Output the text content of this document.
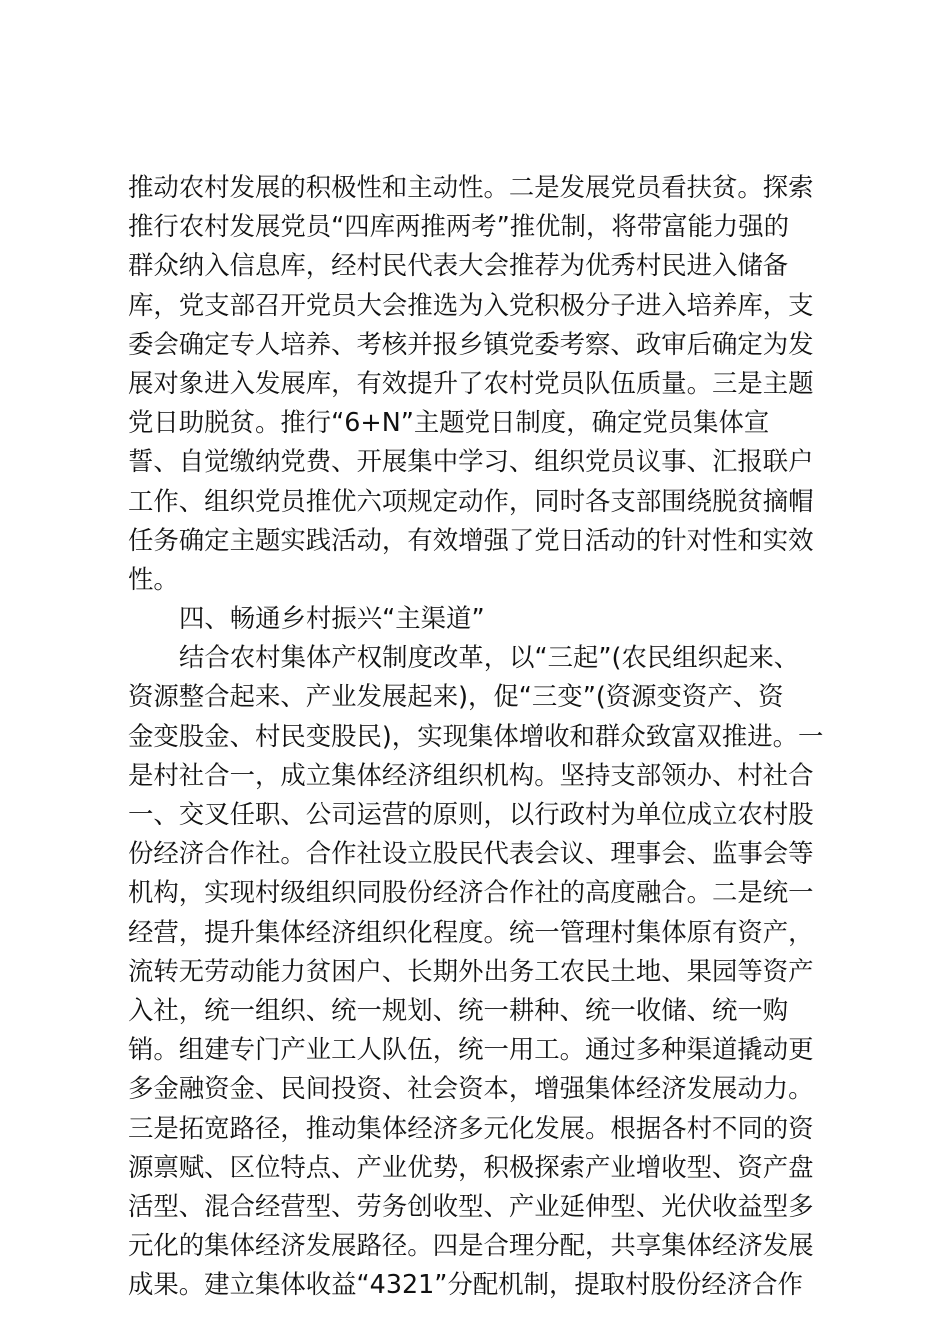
推动农村发展的积极性和主动性。二是发展党员看扶贫。探索
推行农村发展党员“四库两推两考”推优制，将带富能力强的
群众纳入信息库，经村民代表大会推荐为优秀村民进入储备
库，党支部召开党员大会推选为入党积极分子进入培养库，支
委会确定专人培养、考核并报乡镇党委考察、政审后确定为发
展对象进入发展库，有效提升了农村党员队伍质量。三是主题
党日助脱贫。推行“6+N”主题党日制度，确定党员集体宣
誓、自觉缴纳党费、开展集中学习、组织党员议事、汇报联户
工作、组织党员推优六项规定动作，同时各支部围绕脱贫摘帽
任务确定主题实践活动，有效增强了党日活动的针对性和实效
性。
四、畅通乡村振兴“主渠道”
结合农村集体产权制度改革，以“三起”(农民组织起来、
资源整合起来、产业发展起来)，促“三变”(资源变资产、资
金变股金、村民变股民)，实现集体增收和群众致富双推进。一
是村社合一，成立集体经济组织机构。坚持支部领办、村社合
一、交叉任职、公司运营的原则，以行政村为单位成立农村股
份经济合作社。合作社设立股民代表会议、理事会、监事会等
机构，实现村级组织同股份经济合作社的高度融合。二是统一
经营，提升集体经济组织化程度。统一管理村集体原有资产，
流转无劳动能力贫困户、长期外出务工农民土地、果园等资产
入社，统一组织、统一规划、统一耕种、统一收储、统一购
销。组建专门产业工人队伍，统一用工。通过多种渠道撬动更
多金融资金、民间投资、社会资本，增强集体经济发展动力。
三是拓宽路径，推动集体经济多元化发展。根据各村不同的资
源禀赋、区位特点、产业优势，积极探索产业增收型、资产盘
活型、混合经营型、劳务创收型、产业延伸型、光伏收益型多
元化的集体经济发展路径。四是合理分配，共享集体经济发展
成果。建立集体收益“4321”分配机制，提取村股份经济合作
